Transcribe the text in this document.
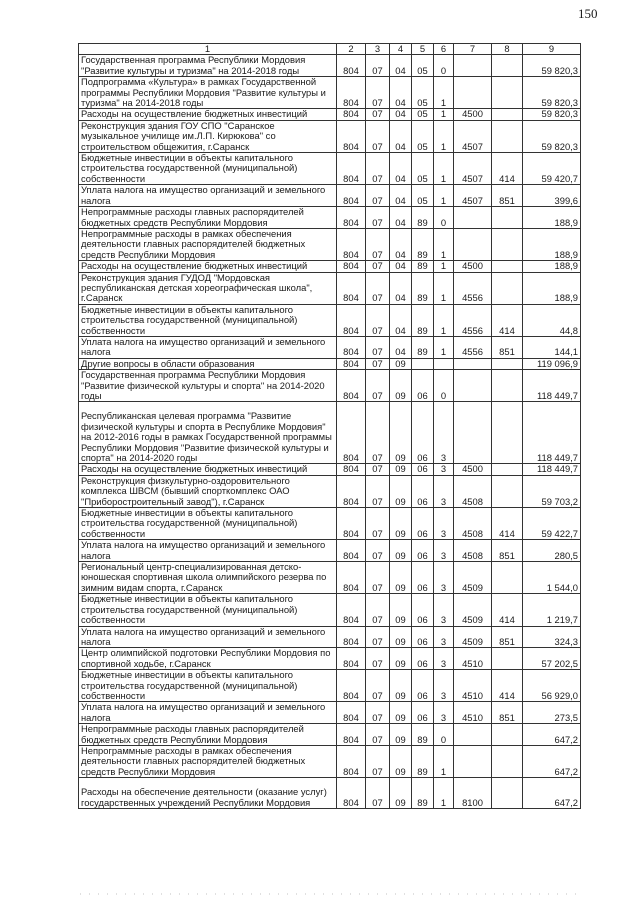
150
1	2	3	4	5	6	7	8	9
Государственная программа Республики Мордовия "Развитие культуры и туризма" на 2014-2018 годы	804	07	04	05	0			59 820,3
Подпрограмма «Культура» в рамках Государственной программы Республики Мордовия "Развитие культуры и туризма" на 2014-2018 годы	804	07	04	05	1			59 820,3
Расходы на осуществление бюджетных инвестиций	804	07	04	05	1	4500		59 820,3
Реконструкция здания ГОУ СПО "Саранское музыкальное училище им.Л.П. Кирюкова" со строительством общежития, г.Саранск	804	07	04	05	1	4507		59 820,3
Бюджетные инвестиции в объекты капитального строительства государственной (муниципальной) собственности	804	07	04	05	1	4507	414	59 420,7
Уплата налога на имущество организаций и земельного налога	804	07	04	05	1	4507	851	399,6
Непрограммные расходы главных распорядителей бюджетных средств Республики Мордовия	804	07	04	89	0			188,9
Непрограммные расходы в рамках обеспечения деятельности главных распорядителей бюджетных средств Республики Мордовия	804	07	04	89	1			188,9
Расходы на осуществление бюджетных инвестиций	804	07	04	89	1	4500		188,9
Реконструкция здания ГУДОД "Мордовская республиканская детская хореографическая школа", г.Саранск	804	07	04	89	1	4556		188,9
Бюджетные инвестиции в объекты капитального строительства государственной (муниципальной) собственности	804	07	04	89	1	4556	414	44,8
Уплата налога на имущество организаций и земельного налога	804	07	04	89	1	4556	851	144,1
Другие вопросы в области образования	804	07	09					119 096,9
Государственная программа Республики Мордовия "Развитие физической культуры и спорта" на 2014-2020 годы	804	07	09	06	0			118 449,7
Республиканская целевая программа "Развитие физической культуры и спорта в Республике Мордовия" на 2012-2016 годы в рамках Государственной программы Республики Мордовия "Развитие физической культуры и спорта" на 2014-2020 годы	804	07	09	06	3			118 449,7
Расходы на осуществление бюджетных инвестиций	804	07	09	06	3	4500		118 449,7
Реконструкция физкультурно-оздоровительного комплекса ШВСМ (бывший спорткомплекс ОАО "Приборостроительный завод"), г.Саранск	804	07	09	06	3	4508		59 703,2
Бюджетные инвестиции в объекты капитального строительства государственной (муниципальной) собственности	804	07	09	06	3	4508	414	59 422,7
Уплата налога на имущество организаций и земельного налога	804	07	09	06	3	4508	851	280,5
Региональный центр-специализированная детско-юношеская спортивная школа олимпийского резерва по зимним видам спорта, г.Саранск	804	07	09	06	3	4509		1 544,0
Бюджетные инвестиции в объекты капитального строительства государственной (муниципальной) собственности	804	07	09	06	3	4509	414	1 219,7
Уплата налога на имущество организаций и земельного налога	804	07	09	06	3	4509	851	324,3
Центр олимпийской подготовки Республики Мордовия по спортивной ходьбе, г.Саранск	804	07	09	06	3	4510		57 202,5
Бюджетные инвестиции в объекты капитального строительства государственной (муниципальной) собственности	804	07	09	06	3	4510	414	56 929,0
Уплата налога на имущество организаций и земельного налога	804	07	09	06	3	4510	851	273,5
Непрограммные расходы главных распорядителей бюджетных средств Республики Мордовия	804	07	09	89	0			647,2
Непрограммные расходы в рамках обеспечения деятельности главных распорядителей бюджетных средств Республики Мордовия	804	07	09	89	1			647,2
Расходы на обеспечение деятельности (оказание услуг) государственных учреждений Республики Мордовия	804	07	09	89	1	8100		647,2
